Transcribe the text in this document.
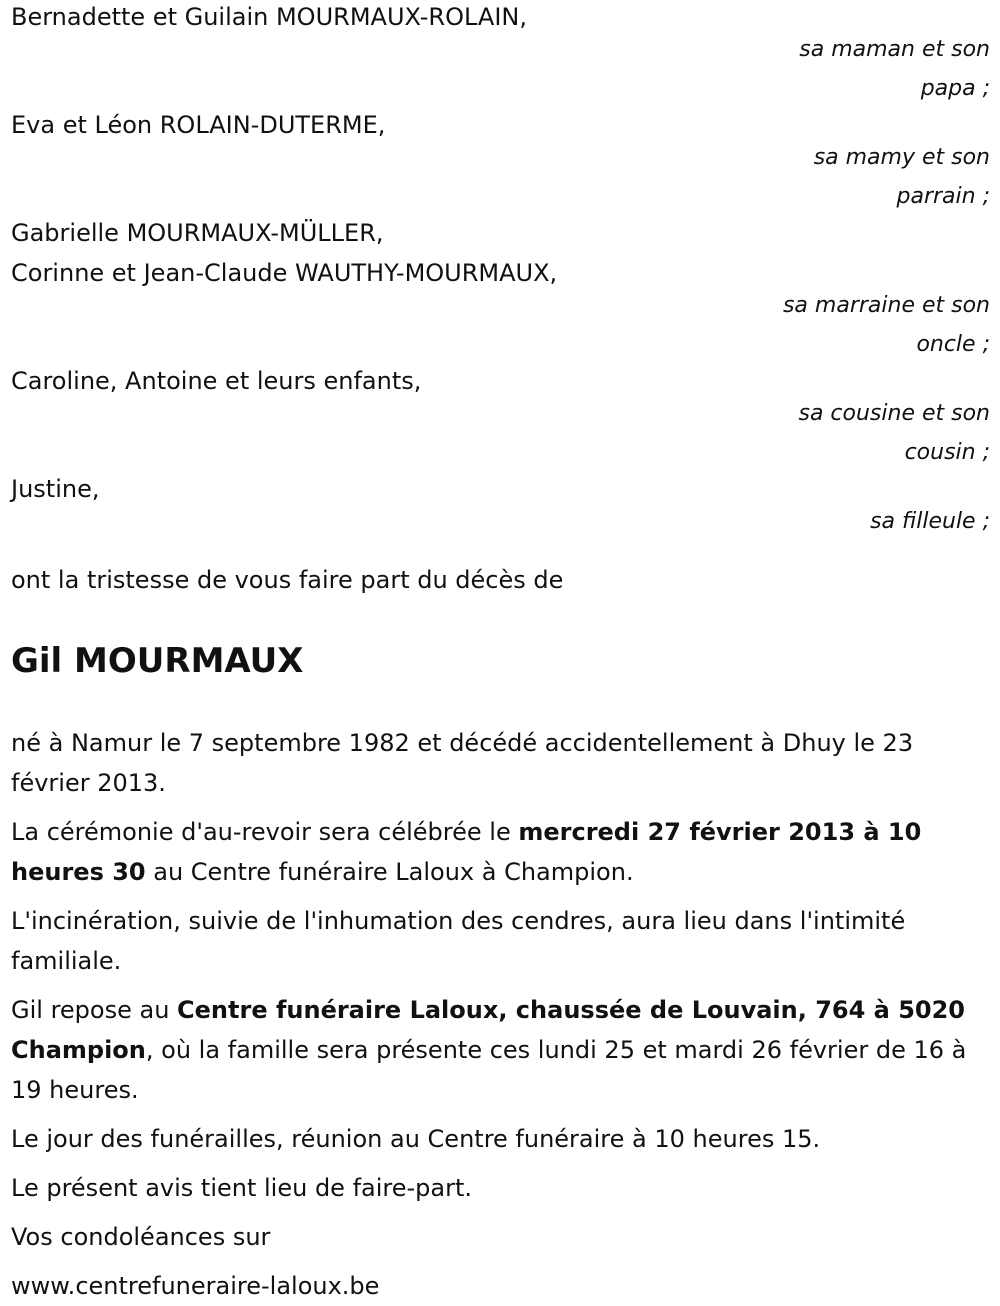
Bernadette et Guilain MOURMAUX-ROLAIN,
sa maman et son
papa ;
Eva et Léon ROLAIN-DUTERME,
sa mamy et son
parrain ;
Gabrielle MOURMAUX-MÜLLER,
Corinne et Jean-Claude WAUTHY-MOURMAUX,
sa marraine et son
oncle ;
Caroline, Antoine et leurs enfants,
sa cousine et son
cousin ;
Justine,
sa filleule ;
ont la tristesse de vous faire part du décès de
Gil MOURMAUX

né à Namur le 7 septembre 1982 et décédé accidentellement à Dhuy le 23 février 2013.

La cérémonie d'au-revoir sera célébrée le mercredi 27 février 2013 à 10 heures 30 au Centre funéraire Laloux à Champion.

L'incinération, suivie de l'inhumation des cendres, aura lieu dans l'intimité familiale.

Gil repose au Centre funéraire Laloux, chaussée de Louvain, 764 à 5020 Champion, où la famille sera présente ces lundi 25 et mardi 26 février de 16 à 19 heures.

Le jour des funérailles, réunion au Centre funéraire à 10 heures 15.

Le présent avis tient lieu de faire-part.

Vos condoléances sur

www.centrefuneraire-laloux.be
